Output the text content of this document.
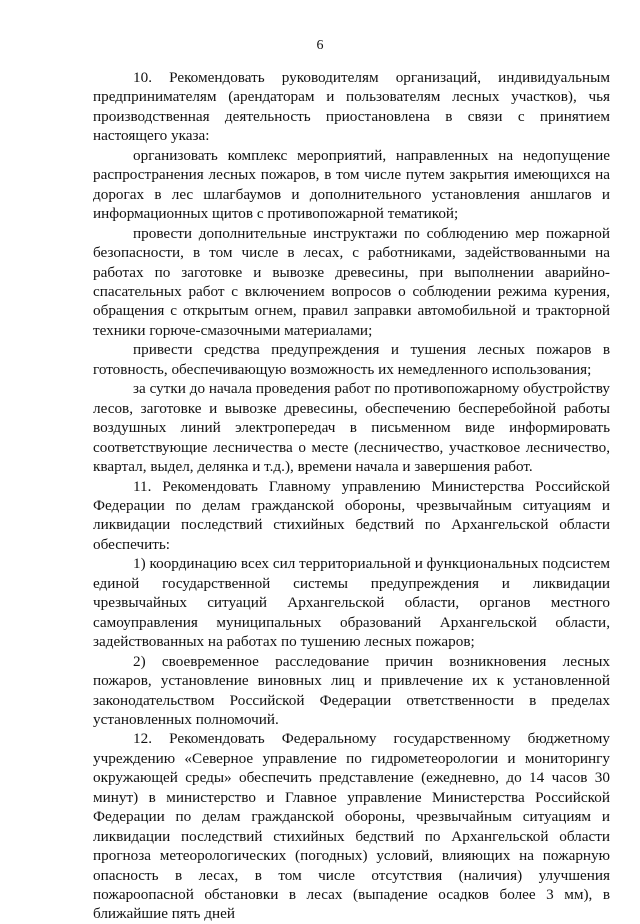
6

10. Рекомендовать руководителям организаций, индивидуальным предпринимателям (арендаторам и пользователям лесных участков), чья производственная деятельность приостановлена в связи с принятием настоящего указа:

организовать комплекс мероприятий, направленных на недопущение распространения лесных пожаров, в том числе путем закрытия имеющихся на дорогах в лес шлагбаумов и дополнительного установления аншлагов и информационных щитов с противопожарной тематикой;

провести дополнительные инструктажи по соблюдению мер пожарной безопасности, в том числе в лесах, с работниками, задействованными на работах по заготовке и вывозке древесины, при выполнении аварийно-спасательных работ с включением вопросов о соблюдении режима курения, обращения с открытым огнем, правил заправки автомобильной и тракторной техники горюче-смазочными материалами;

привести средства предупреждения и тушения лесных пожаров в готовность, обеспечивающую возможность их немедленного использования;

за сутки до начала проведения работ по противопожарному обустройству лесов, заготовке и вывозке древесины, обеспечению бесперебойной работы воздушных линий электропередач в письменном виде информировать соответствующие лесничества о месте (лесничество, участковое лесничество, квартал, выдел, делянка и т.д.), времени начала и завершения работ.

11. Рекомендовать Главному управлению Министерства Российской Федерации по делам гражданской обороны, чрезвычайным ситуациям и ликвидации последствий стихийных бедствий по Архангельской области обеспечить:

1) координацию всех сил территориальной и функциональных подсистем единой государственной системы предупреждения и ликвидации чрезвычайных ситуаций Архангельской области, органов местного самоуправления муниципальных образований Архангельской области, задействованных на работах по тушению лесных пожаров;

2) своевременное расследование причин возникновения лесных пожаров, установление виновных лиц и привлечение их к установленной законодательством Российской Федерации ответственности в пределах установленных полномочий.

12. Рекомендовать Федеральному государственному бюджетному учреждению «Северное управление по гидрометеорологии и мониторингу окружающей среды» обеспечить представление (ежедневно, до 14 часов 30 минут) в министерство и Главное управление Министерства Российской Федерации по делам гражданской обороны, чрезвычайным ситуациям и ликвидации последствий стихийных бедствий по Архангельской области прогноза метеорологических (погодных) условий, влияющих на пожарную опасность в лесах, в том числе отсутствия (наличия) улучшения пожароопасной обстановки в лесах (выпадение осадков более 3 мм), в ближайшие пять дней
